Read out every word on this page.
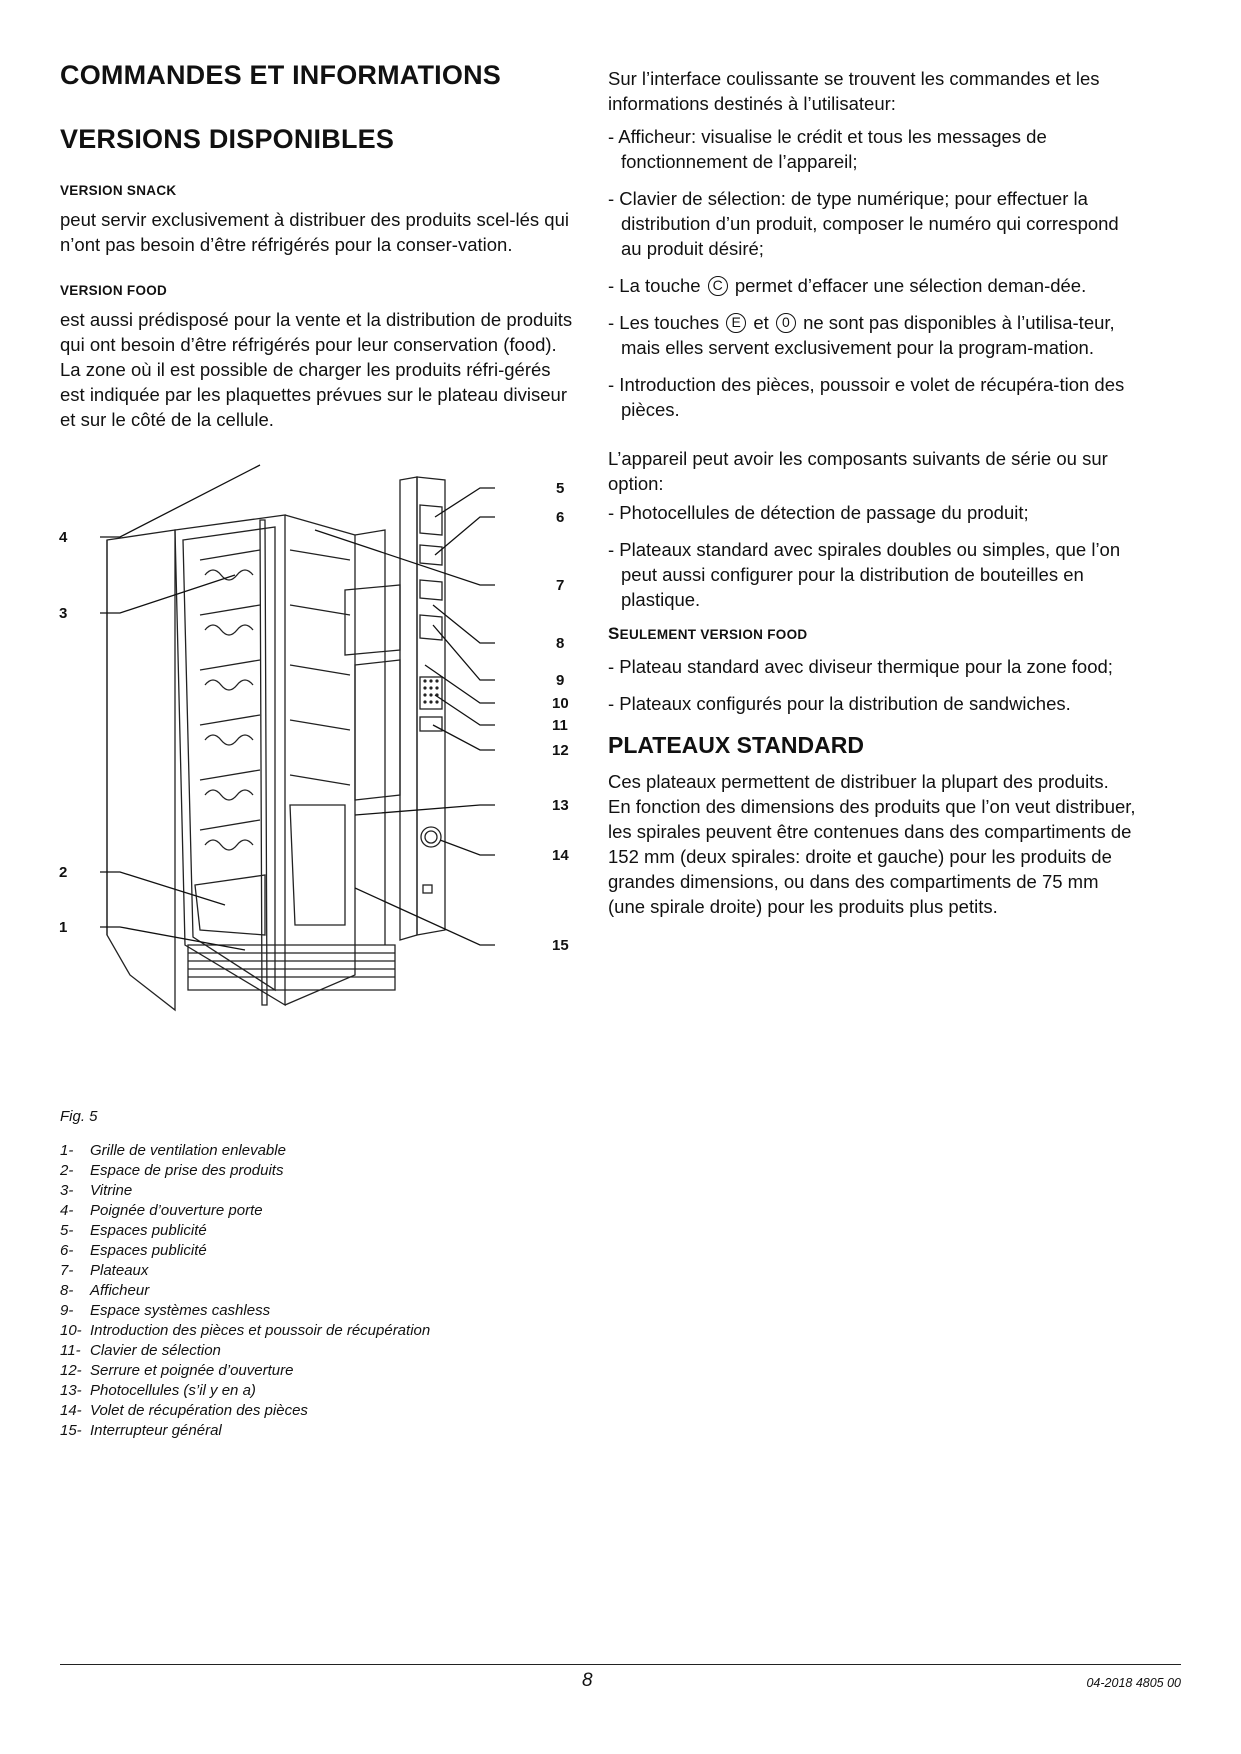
COMMANDES ET INFORMATIONS
VERSIONS DISPONIBLES
VERSION SNACK

peut servir exclusivement à distribuer des produits scel-lés qui n’ont pas besoin d’être réfrigérés pour la conser-vation.

VERSION FOOD

est aussi prédisposé pour la vente et la distribution de produits qui ont besoin d’être réfrigérés pour leur conservation (food).

La zone où il est possible de charger les produits réfri-gérés est indiquée par les plaquettes prévues sur le plateau diviseur et sur le côté de la cellule.

1
2
3
4
5
6
7
8
9
10
11
12
13
14
15
Fig. 5
1-	Grille de ventilation enlevable
2-	Espace de prise des produits
3-	Vitrine
4-	Poignée d’ouverture porte
5-	Espaces publicité
6-	Espaces publicité
7-	Plateaux
8-	Afficheur
9-	Espace systèmes cashless
10- Introduction des pièces et poussoir de récupération
11- Clavier de sélection
12- Serrure et poignée d’ouverture
13- Photocellules (s’il y en a)
14- Volet de récupération des pièces
15- Interrupteur général

Sur l’interface coulissante se trouvent les commandes et les informations destinés à l’utilisateur:

- Afficheur: visualise le crédit et tous les messages de fonctionnement de l’appareil;

- Clavier de sélection: de type numérique; pour effectuer la distribution d’un produit, composer le numéro qui correspond au produit désiré;

- La touche C permet d’effacer une sélection deman-dée.

- Les touches E et 0 ne sont pas disponibles à l’utilisa-teur, mais elles servent exclusivement pour la program-mation.

- Introduction des pièces, poussoir e volet de récupéra-tion des pièces.

L’appareil peut avoir les composants suivants de série ou sur option:

- Photocellules de détection de passage du produit;

- Plateaux standard avec spirales doubles ou simples, que l’on peut aussi configurer pour la distribution de bouteilles en plastique.

SEULEMENT VERSION FOOD

- Plateau standard avec diviseur thermique pour la zone food;

- Plateaux configurés pour la distribution de sandwiches.

PLATEAUX STANDARD

Ces plateaux permettent de distribuer la plupart des produits.

En fonction des dimensions des produits que l’on veut distribuer, les spirales peuvent être contenues dans des compartiments de 152 mm (deux spirales: droite et gauche) pour les produits de grandes dimensions, ou dans des compartiments de 75 mm (une spirale droite) pour les produits plus petits.

8	04-2018 4805 00
